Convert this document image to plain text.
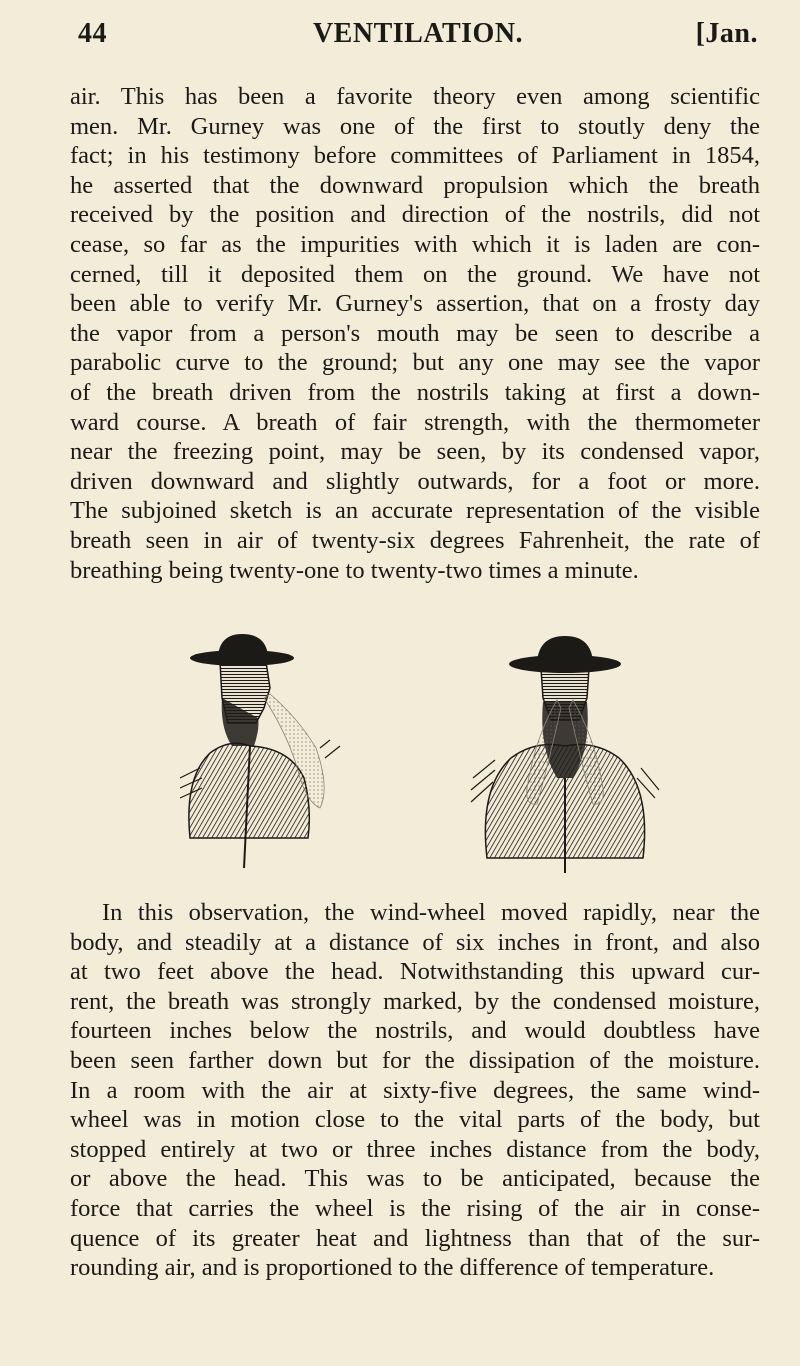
44	VENTILATION.	[Jan.
air. This has been a favorite theory even among scientific
men. Mr. Gurney was one of the first to stoutly deny the
fact; in his testimony before committees of Parliament in 1854,
he asserted that the downward propulsion which the breath
received by the position and direction of the nostrils, did not
cease, so far as the impurities with which it is laden are con-
cerned, till it deposited them on the ground. We have not
been able to verify Mr. Gurney's assertion, that on a frosty day
the vapor from a person's mouth may be seen to describe a
parabolic curve to the ground; but any one may see the vapor
of the breath driven from the nostrils taking at first a down-
ward course. A breath of fair strength, with the thermometer
near the freezing point, may be seen, by its condensed vapor,
driven downward and slightly outwards, for a foot or more.
The subjoined sketch is an accurate representation of the visible
breath seen in air of twenty-six degrees Fahrenheit, the rate of
breathing being twenty-one to twenty-two times a minute.
In this observation, the wind-wheel moved rapidly, near the
body, and steadily at a distance of six inches in front, and also
at two feet above the head. Notwithstanding this upward cur-
rent, the breath was strongly marked, by the condensed moisture,
fourteen inches below the nostrils, and would doubtless have
been seen farther down but for the dissipation of the moisture.
In a room with the air at sixty-five degrees, the same wind-
wheel was in motion close to the vital parts of the body, but
stopped entirely at two or three inches distance from the body,
or above the head. This was to be anticipated, because the
force that carries the wheel is the rising of the air in conse-
quence of its greater heat and lightness than that of the sur-
rounding air, and is proportioned to the difference of temperature.
